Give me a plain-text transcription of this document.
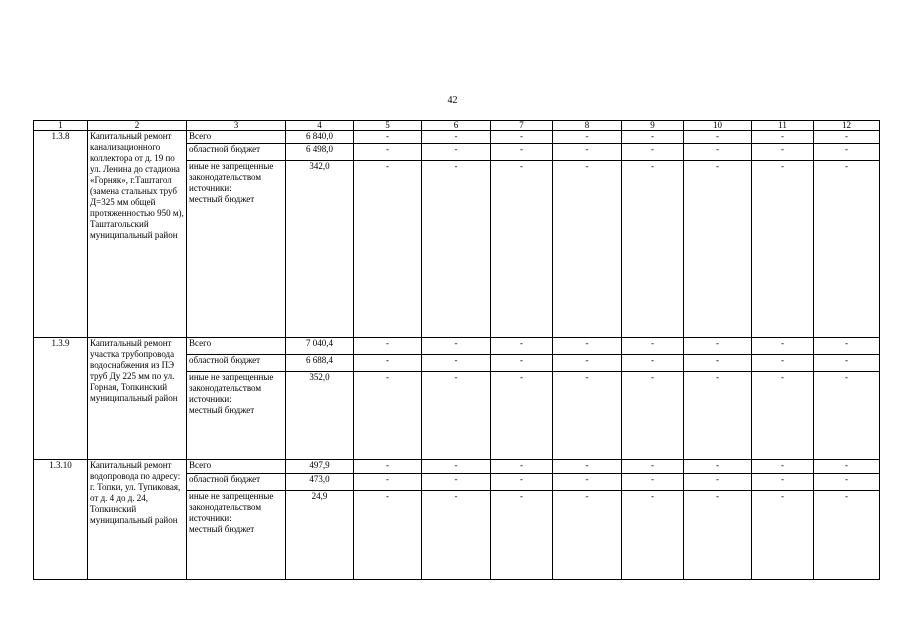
42
1	2	3	4	5	6	7	8	9	10	11	12
1.3.8	Капитальный ремонт канализационного коллектора от д. 19 по ул. Ленина до стадиона «Горняк», г.Таштагол (замена стальных труб Д=325 мм общей протяженностью 950 м), Таштагольский муниципальный район	Всего	6 840,0	-	-	-	-	-	-	-	-

		областной бюджет	6 498,0	-	-	-	-	-	-	-	-

		иные не запрещенные законодательством источники:
местный бюджет	342,0	-	-	-	-	-	-	-	-
1.3.9	Капитальный ремонт участка трубопровода водоснабжения из ПЭ труб Ду 225 мм по ул. Горная, Топкинский муниципальный район	Всего	7 040,4	-	-	-	-	-	-	-	-

		областной бюджет	6 688,4	-	-	-	-	-	-	-	-

		иные не запрещенные законодательством источники:
местный бюджет	352,0	-	-	-	-	-	-	-	-
1.3.10	Капитальный ремонт водопровода по адресу: г. Топки, ул. Тупиковая, от д. 4 до д. 24, Топкинский муниципальный район	Всего	497,9	-	-	-	-	-	-	-	-

		областной бюджет	473,0	-	-	-	-	-	-	-	-

		иные не запрещенные законодательством источники:
местный бюджет	24,9	-	-	-	-	-	-	-	-
